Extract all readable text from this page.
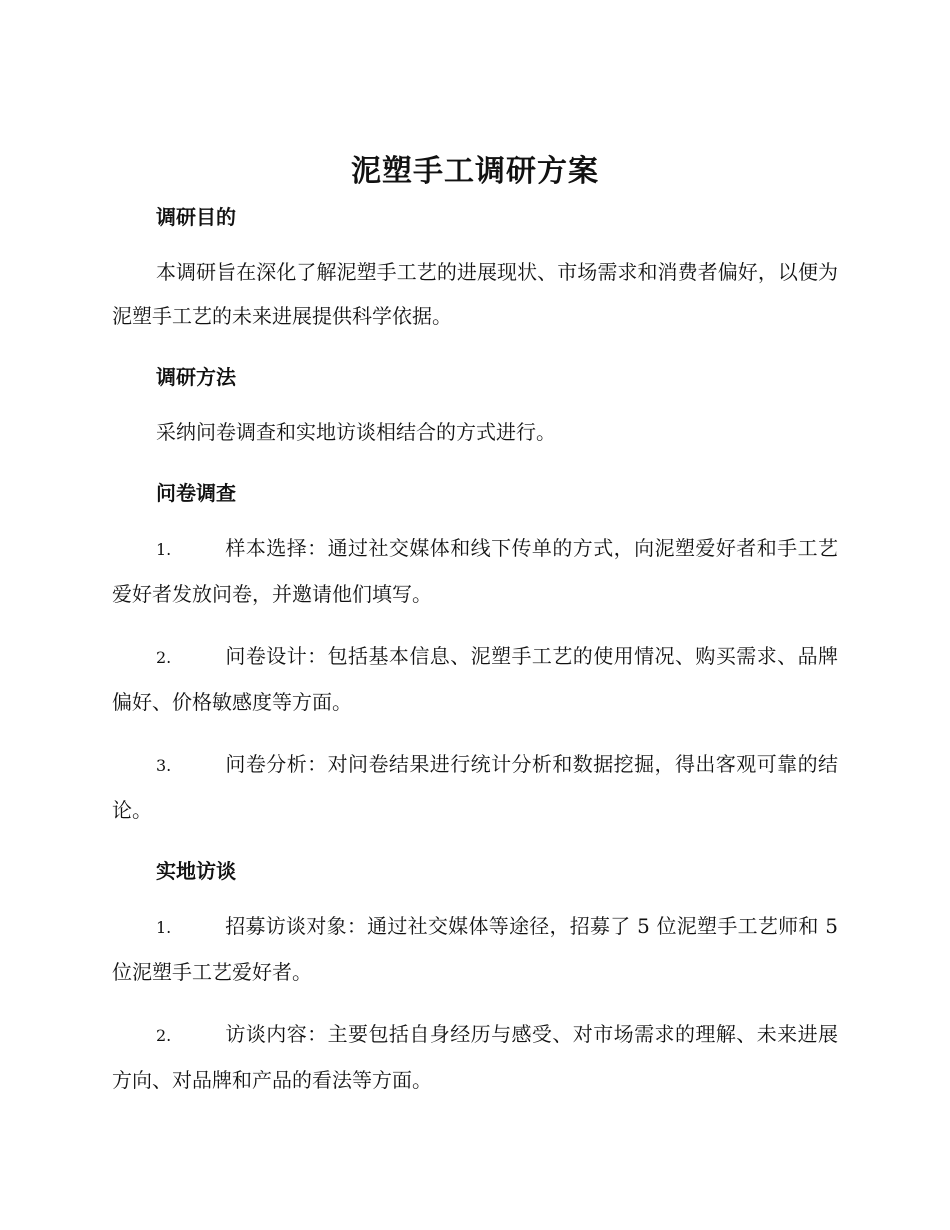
泥塑手工调研方案
调研目的

本调研旨在深化了解泥塑手工艺的进展现状、市场需求和消费者偏好，以便为泥塑手工艺的未来进展提供科学依据。

调研方法

采纳问卷调查和实地访谈相结合的方式进行。

问卷调查

1.	样本选择：通过社交媒体和线下传单的方式，向泥塑爱好者和手工艺爱好者发放问卷，并邀请他们填写。

2.	问卷设计：包括基本信息、泥塑手工艺的使用情况、购买需求、品牌偏好、价格敏感度等方面。

3.	问卷分析：对问卷结果进行统计分析和数据挖掘，得出客观可靠的结论。

实地访谈

1.	招募访谈对象：通过社交媒体等途径，招募了 5 位泥塑手工艺师和 5 位泥塑手工艺爱好者。

2.	访谈内容：主要包括自身经历与感受、对市场需求的理解、未来进展方向、对品牌和产品的看法等方面。
